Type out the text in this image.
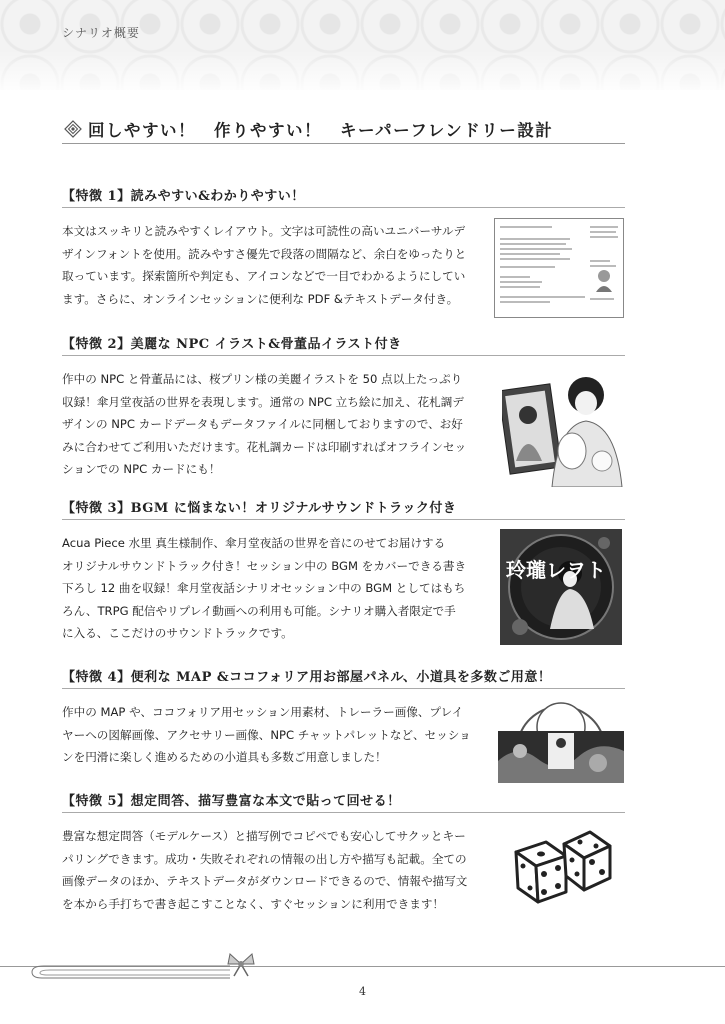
シナリオ概要
回しやすい！　作りやすい！　キーパーフレンドリー設計
【特徴 1】読みやすい&わかりやすい！
本文はスッキリと読みやすくレイアウト。文字は可読性の高いユニバーサルデ
ザインフォントを使用。読みやすさ優先で段落の間隔など、余白をゆったりと
取っています。探索箇所や判定も、アイコンなどで一目でわかるようにしてい
ます。さらに、オンラインセッションに便利な PDF &テキストデータ付き。
【特徴 2】美麗な NPC イラスト&骨董品イラスト付き
作中の NPC と骨董品には、桜プリン様の美麗イラストを 50 点以上たっぷり
収録！傘月堂夜話の世界を表現します。通常の NPC 立ち絵に加え、花札調デ
ザインの NPC カードデータもデータファイルに同梱しておりますので、お好
みに合わせてご利用いただけます。花札調カードは印刷すればオフラインセッ
ションでの NPC カードにも！
【特徴 3】BGM に悩まない！オリジナルサウンドトラック付き
Acua Piece 水里 真生様制作、傘月堂夜話の世界を音にのせてお届けする
オリジナルサウンドトラック付き！セッション中の BGM をカバーできる書き
下ろし 12 曲を収録！傘月堂夜話シナリオセッション中の BGM としてはもち
ろん、TRPG 配信やリプレイ動画への利用も可能。シナリオ購入者限定で手
に入る、ここだけのサウンドトラックです。
玲瓏レヲト
【特徴 4】便利な MAP &ココフォリア用お部屋パネル、小道具を多数ご用意！
作中の MAP や、ココフォリア用セッション用素材、トレーラー画像、プレイ
ヤーへの図解画像、アクセサリー画像、NPC チャットパレットなど、セッショ
ンを円滑に楽しく進めるための小道具も多数ご用意しました！
【特徴 5】想定問答、描写豊富な本文で貼って回せる！
豊富な想定問答（モデルケース）と描写例でコピペでも安心してサクッとキー
パリングできます。成功・失敗それぞれの情報の出し方や描写も記載。全ての
画像データのほか、テキストデータがダウンロードできるので、情報や描写文
を本から手打ちで書き起こすことなく、すぐセッションに利用できます！
4
